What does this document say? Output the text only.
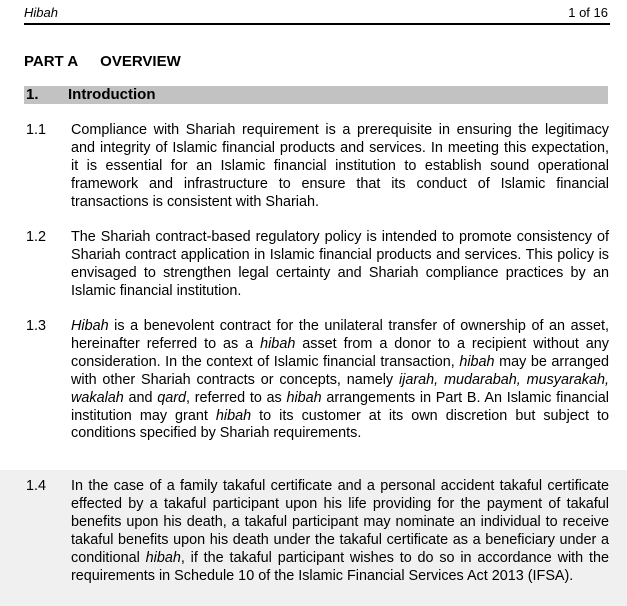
Hibah	1 of 16
PART A OVERVIEW
1. Introduction
1.1 Compliance with Shariah requirement is a prerequisite in ensuring the legitimacy and integrity of Islamic financial products and services. In meeting this expectation, it is essential for an Islamic financial institution to establish sound operational framework and infrastructure to ensure that its conduct of Islamic financial transactions is consistent with Shariah.
1.2 The Shariah contract-based regulatory policy is intended to promote consistency of Shariah contract application in Islamic financial products and services. This policy is envisaged to strengthen legal certainty and Shariah compliance practices by an Islamic financial institution.
1.3 Hibah is a benevolent contract for the unilateral transfer of ownership of an asset, hereinafter referred to as a hibah asset from a donor to a recipient without any consideration. In the context of Islamic financial transaction, hibah may be arranged with other Shariah contracts or concepts, namely ijarah, mudarabah, musyarakah, wakalah and qard, referred to as hibah arrangements in Part B. An Islamic financial institution may grant hibah to its customer at its own discretion but subject to conditions specified by Shariah requirements.
1.4 In the case of a family takaful certificate and a personal accident takaful certificate effected by a takaful participant upon his life providing for the payment of takaful benefits upon his death, a takaful participant may nominate an individual to receive takaful benefits upon his death under the takaful certificate as a beneficiary under a conditional hibah, if the takaful participant wishes to do so in accordance with the requirements in Schedule 10 of the Islamic Financial Services Act 2013 (IFSA).
